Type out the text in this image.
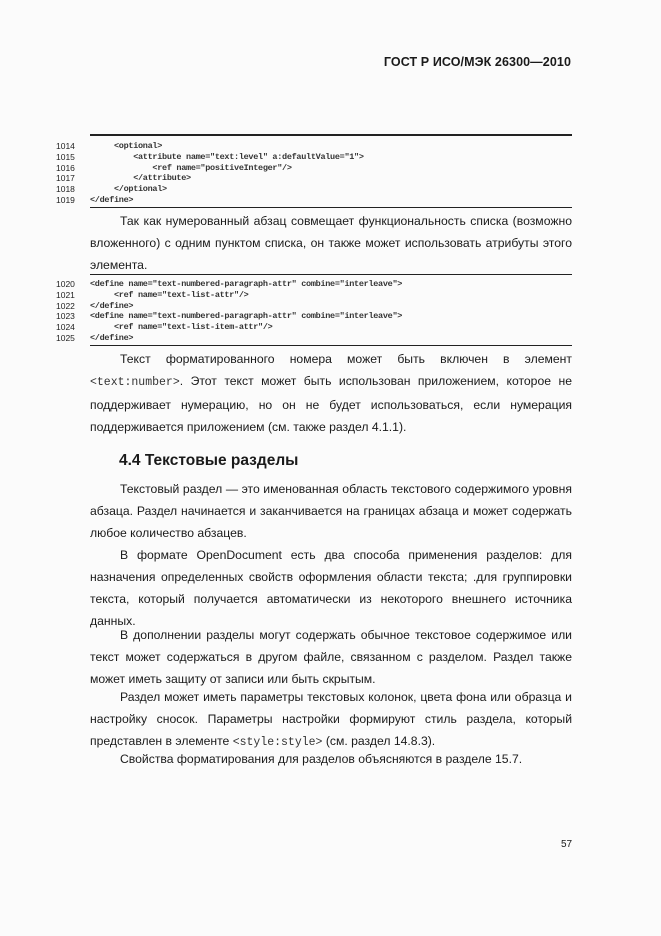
ГОСТ Р ИСО/МЭК 26300—2010
1014	<optional>
1015	<attribute name="text:level" a:defaultValue="1">
1016	<ref name="positiveInteger"/>
1017	</attribute>
1018	</optional>
1019	</define>
Так как нумерованный абзац совмещает функциональность списка (возможно вложенного) с одним пунктом списка, он также может использовать атрибуты этого элемента.
1020	<define name="text-numbered-paragraph-attr" combine="interleave">
1021	<ref name="text-list-attr"/>
1022	</define>
1023	<define name="text-numbered-paragraph-attr" combine="interleave">
1024	<ref name="text-list-item-attr"/>
1025	</define>
Текст форматированного номера может быть включен в элемент <text:number>. Этот текст может быть использован приложением, которое не поддерживает нумерацию, но он не будет использоваться, если нумерация поддерживается приложением (см. также раздел 4.1.1).
4.4 Текстовые разделы
Текстовый раздел — это именованная область текстового содержимого уровня абзаца. Раздел начинается и заканчивается на границах абзаца и может содержать любое количество абзацев.
В формате OpenDocument есть два способа применения разделов: для назначения определенных свойств оформления области текста; .для группировки текста, который получается автоматически из некоторого внешнего источника данных.
В дополнении разделы могут содержать обычное текстовое содержимое или текст может содержаться в другом файле, связанном с разделом. Раздел также может иметь защиту от записи или быть скрытым.
Раздел может иметь параметры текстовых колонок, цвета фона или образца и настройку сносок. Параметры настройки формируют стиль раздела, который представлен в элементе <style:style> (см. раздел 14.8.3).
Свойства форматирования для разделов объясняются в разделе 15.7.
57
